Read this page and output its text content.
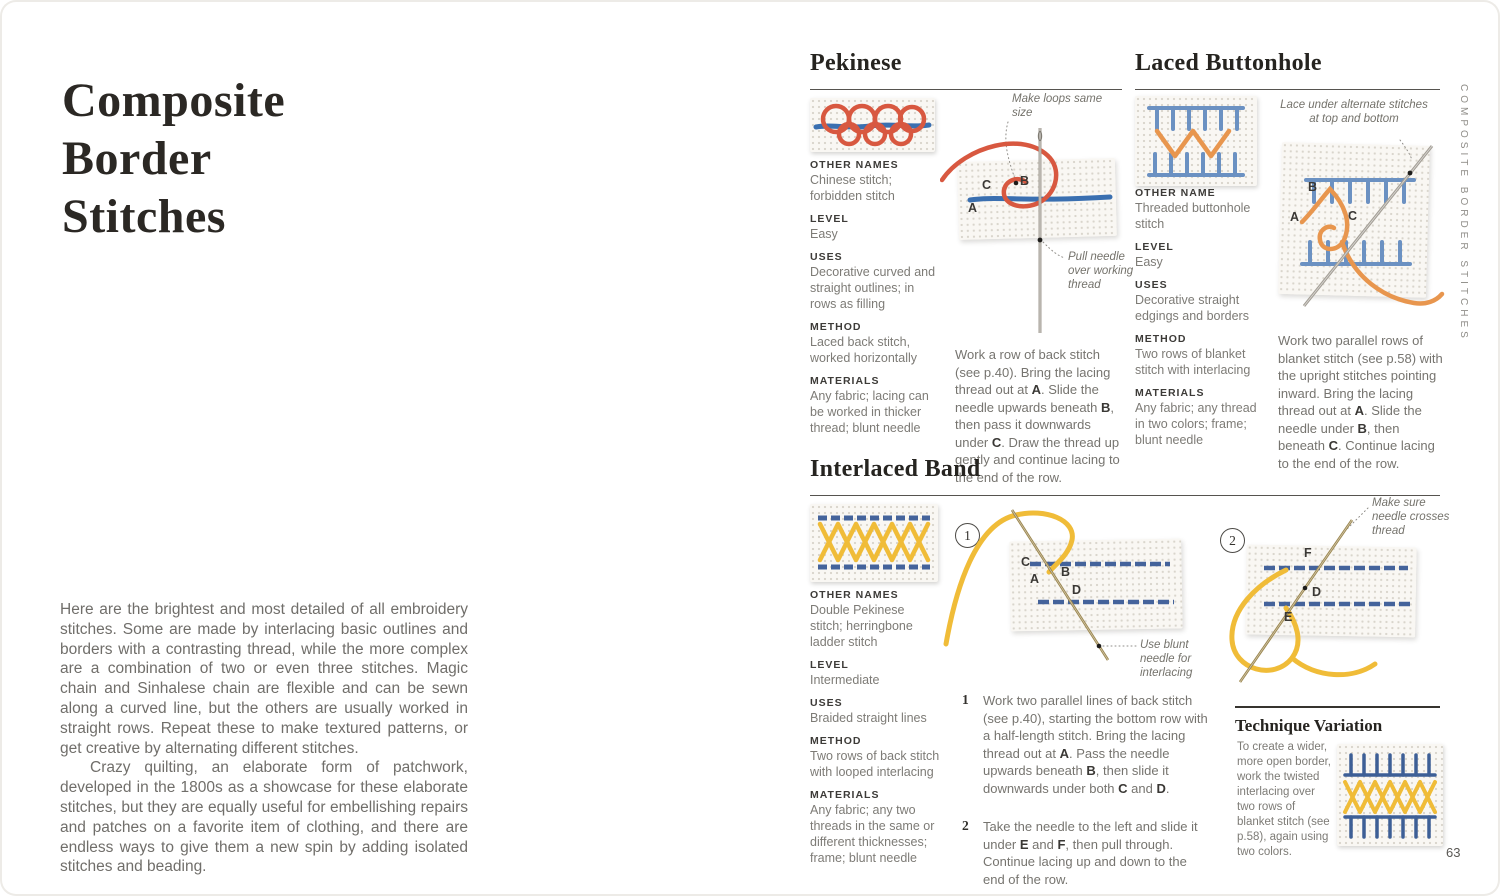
Composite
Border
Stitches

Here are the brightest and most detailed of all embroidery stitches. Some are made by interlacing basic outlines and borders with a contrasting thread, while the more complex are a combination of two or even three stitches. Magic chain and Sinhalese chain are flexible and can be sewn along a curved line, but the others are usually worked in straight rows. Repeat these to make textured patterns, or get creative by alternating different stitches.

Crazy quilting, an elaborate form of patchwork, developed in the 1800s as a showcase for these elaborate stitches, but they are equally useful for embellishing repairs and patches on a favorite item of clothing, and there are endless ways to give them a new spin by adding isolated stitches and beading.

Pekinese
OTHER NAMES
Chinese stitch; forbidden stitch
LEVEL
Easy
USES
Decorative curved and straight outlines; in rows as filling
METHOD
Laced back stitch, worked horizontally
MATERIALS
Any fabric; lacing can be worked in thicker thread; blunt needle
Make loops same size
C B
A
Pull needle over working thread
Work a row of back stitch (see p.40). Bring the lacing thread out at A. Slide the needle upwards beneath B, then pass it downwards under C. Draw the thread up gently and continue lacing to the end of the row.
Laced Buttonhole
OTHER NAME
Threaded buttonhole stitch
LEVEL
Easy
USES
Decorative straight edgings and borders
METHOD
Two rows of blanket stitch with interlacing
MATERIALS
Any fabric; any thread in two colors; frame; blunt needle
Lace under alternate stitches at top and bottom
B
A	C
Work two parallel rows of blanket stitch (see p.58) with the upright stitches pointing inward. Bring the lacing thread out at A. Slide the needle under B, then beneath C. Continue lacing to the end of the row.
Interlaced Band
OTHER NAMES
Double Pekinese stitch; herringbone ladder stitch
LEVEL
Intermediate
USES
Braided straight lines
METHOD
Two rows of back stitch with looped interlacing
MATERIALS
Any fabric; any two threads in the same or different thicknesses; frame; blunt needle
1
C
A B
D
Use blunt needle for interlacing
2
Make sure needle crosses thread
F
D
E
1 Work two parallel lines of back stitch (see p.40), starting the bottom row with a half-length stitch. Bring the lacing thread out at A. Pass the needle upwards beneath B, then slide it downwards under both C and D.
2 Take the needle to the left and slide it under E and F, then pull through. Continue lacing up and down to the end of the row.
Technique Variation
To create a wider, more open border, work the twisted interlacing over two rows of blanket stitch (see p.58), again using two colors.
COMPOSITE BORDER STITCHES
63
